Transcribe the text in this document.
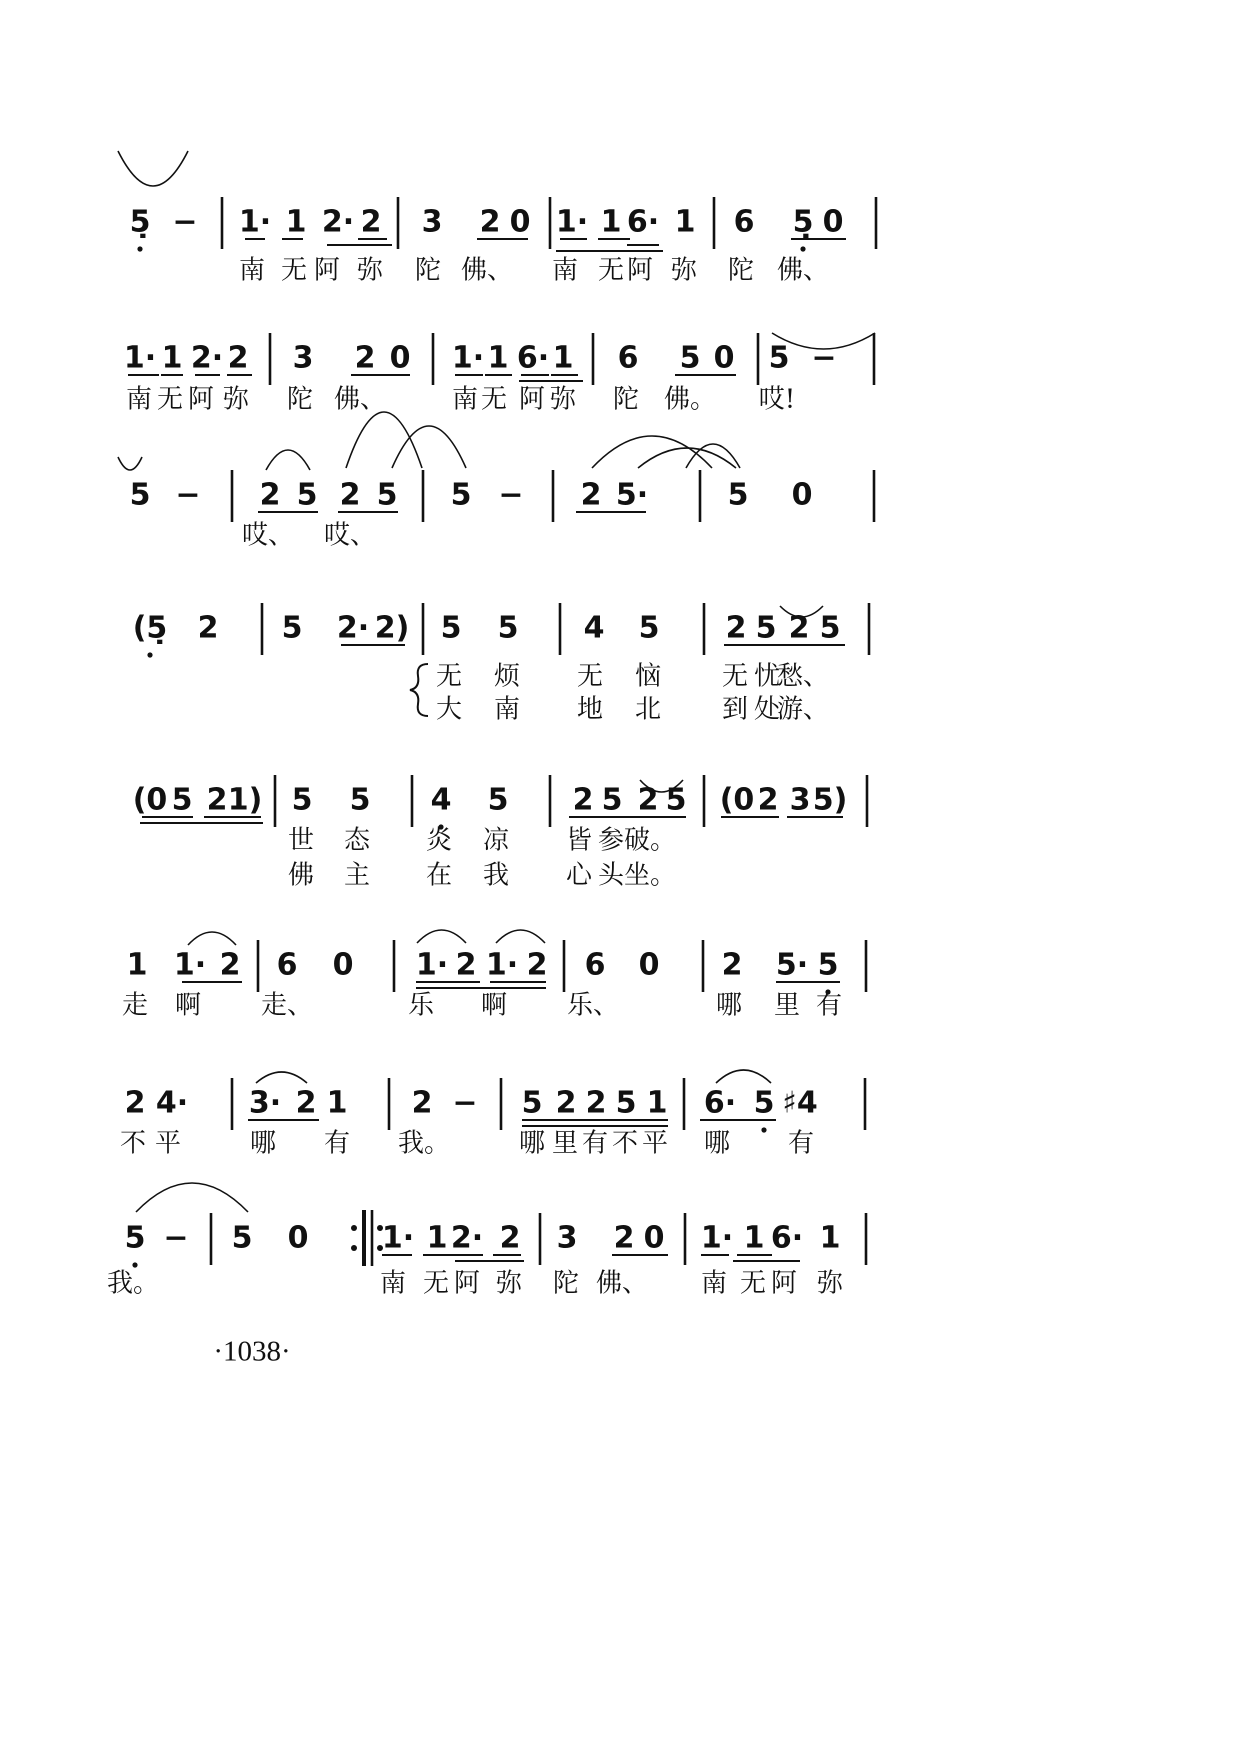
5̣ − 1· 1 2· 2 3 2 0 1· 1 6· 1 6 5̣ 0
南 无 阿 弥 陀 佛、 南 无 阿 弥 陀 佛、
1· 1 2· 2 3 2 0 1· 1 6· 1 6 5 0 5 −
南 无 阿 弥 陀 佛、	南 无 阿 弥 陀 佛。 哎!
5 − 2 5 2 5 5 − 2 5·	5 0
哎、 哎、
(5̣ 2 5 2· 2) 5 5 4 5 2 5 2 5
无 烦 无 恼 无 忧
愁、
大 南 地 北 到 处
游、
(0 5 2 1) 5 5 4 5 2 5 2 5 (0 2 3 5)
世 态 炎 凉 皆 参 破。
佛 主 在 我 心 头 坐。
1 1· 2 6 0 1· 2 1· 2 6 0 2 5· 5
走 啊 走、	乐 啊 乐、	哪 里 有
2 4· 3· 2 1 2 − 5 2 2 5 1 6· 5 ♯4
不 平	哪 有 我。	哪 里 有 不 平 哪 有
5 − 5 0 1· 1 2· 2 3 2 0 1· 1 6· 1
我。	南 无 阿 弥 陀 佛、 南 无 阿 弥
·1038·
